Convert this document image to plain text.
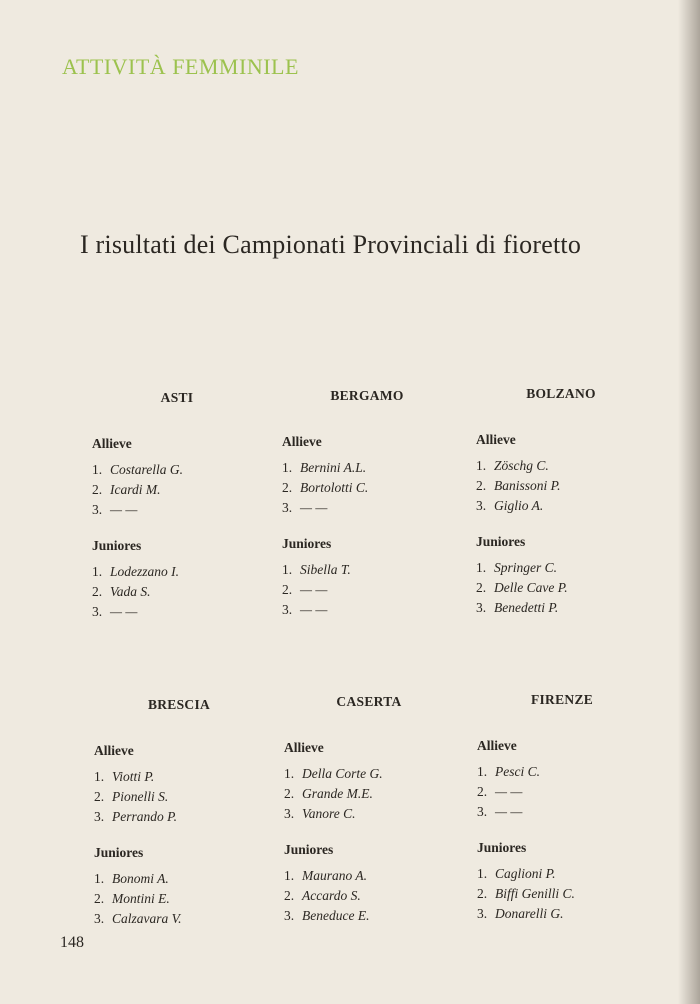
ATTIVITÀ FEMMINILE
I risultati dei Campionati Provinciali di fioretto
ASTI
Allieve
1. Costarella G.
2. Icardi M.
3. — —
Juniores
1. Lodezzano I.
2. Vada S.
3. — —
BERGAMO
Allieve
1. Bernini A.L.
2. Bortolotti C.
3. — —
Juniores
1. Sibella T.
2. — —
3. — —
BOLZANO
Allieve
1. Zöschg C.
2. Banissoni P.
3. Giglio A.
Juniores
1. Springer C.
2. Delle Cave P.
3. Benedetti P.
BRESCIA
Allieve
1. Viotti P.
2. Pionelli S.
3. Perrando P.
Juniores
1. Bonomi A.
2. Montini E.
3. Calzavara V.
CASERTA
Allieve
1. Della Corte G.
2. Grande M.E.
3. Vanore C.
Juniores
1. Maurano A.
2. Accardo S.
3. Beneduce E.
FIRENZE
Allieve
1. Pesci C.
2. — —
3. — —
Juniores
1. Caglioni P.
2. Biffi Genilli C.
3. Donarelli G.
148
